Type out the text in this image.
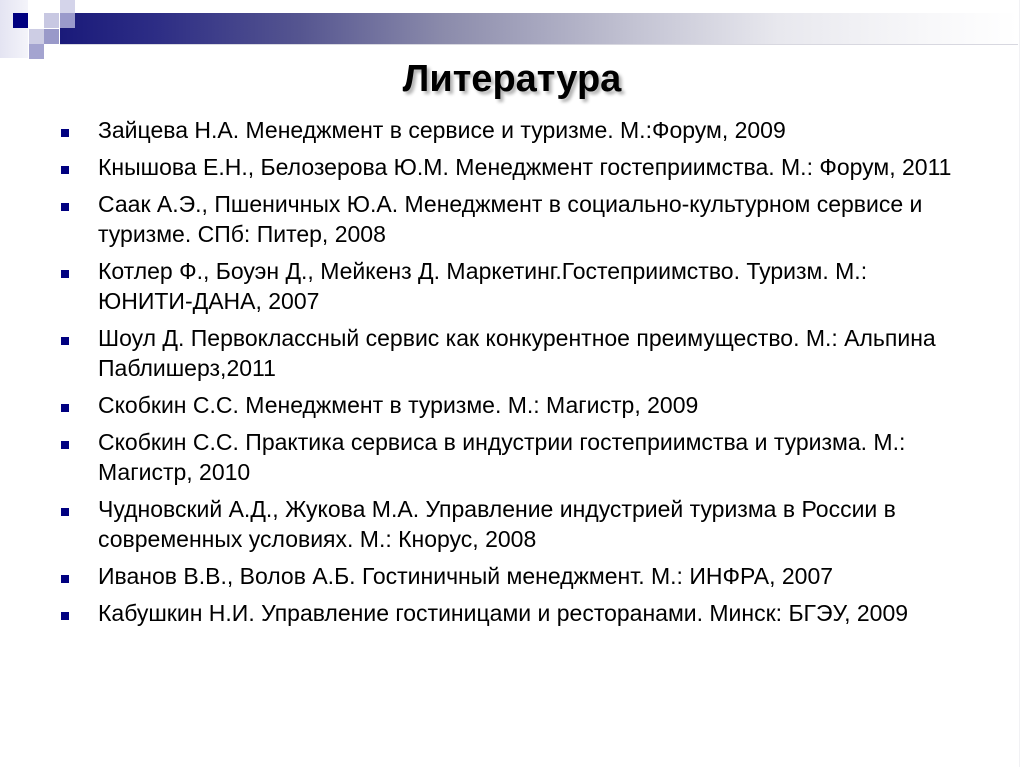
Литература
Зайцева Н.А. Менеджмент в сервисе и туризме. М.:Форум, 2009
Кнышова Е.Н., Белозерова Ю.М. Менеджмент гостеприимства. М.: Форум, 2011
Саак А.Э., Пшеничных Ю.А. Менеджмент в социально-культурном сервисе и туризме. СПб: Питер, 2008
Котлер Ф., Боуэн Д., Мейкенз Д. Маркетинг.Гостеприимство. Туризм. М.: ЮНИТИ-ДАНА, 2007
Шоул Д. Первоклассный сервис как конкурентное преимущество. М.: Альпина Паблишерз,2011
Скобкин С.С. Менеджмент в туризме. М.: Магистр, 2009
Скобкин С.С. Практика сервиса в индустрии гостеприимства и туризма. М.: Магистр, 2010
Чудновский А.Д., Жукова М.А. Управление индустрией туризма в России в современных условиях. М.: Кнорус, 2008
Иванов В.В., Волов А.Б. Гостиничный менеджмент. М.: ИНФРА, 2007
Кабушкин Н.И. Управление гостиницами и ресторанами. Минск: БГЭУ, 2009
